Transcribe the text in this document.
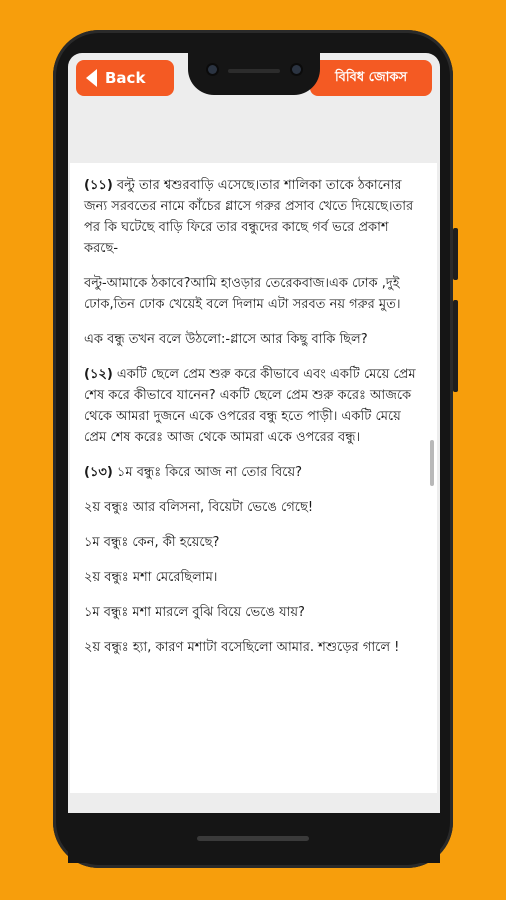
Back	বিবিধ জোকস

(১১) বল্টু তার শ্বশুরবাড়ি এসেছে।তার শালিকা তাকে ঠকানোর জন্য সরবতের নামে কাঁচের গ্লাসে গরুর প্রসাব খেতে দিয়েছে।তার পর কি ঘটেছে বাড়ি ফিরে তার বন্ধুদের কাছে গর্ব ভরে প্রকাশ করছে-

বল্টু-আমাকে ঠকাবে?আমি হাওড়ার তেরেকবাজ।এক ঢোক ,দুই ঢোক,তিন ঢোক খেয়েই বলে দিলাম এটা সরবত নয় গরুর মুত।

এক বন্ধু তখন বলে উঠলো:-গ্লাসে আর কিছু বাকি ছিল?

(১২) একটি ছেলে প্রেম শুরু করে কীভাবে এবং একটি মেয়ে প্রেম শেষ করে কীভাবে যানেন? একটি ছেলে প্রেম শুরু করেঃ আজকে থেকে আমরা দুজনে একে ওপরের বন্ধু হতে পাড়ী। একটি মেয়ে প্রেম শেষ করেঃ আজ থেকে আমরা একে ওপরের বন্ধু।

(১৩) ১ম বন্ধুঃ কিরে আজ না তোর বিয়ে?

২য় বন্ধুঃ আর বলিসনা, বিয়েটা ভেঙে গেছে!

১ম বন্ধুঃ কেন, কী হয়েছে?

২য় বন্ধুঃ মশা মেরেছিলাম।

১ম বন্ধুঃ মশা মারলে বুঝি বিয়ে ভেঙে যায়?

২য় বন্ধুঃ হ্যা, কারণ মশাটা বসেছিলো আমার. শশুড়ের গালে !
